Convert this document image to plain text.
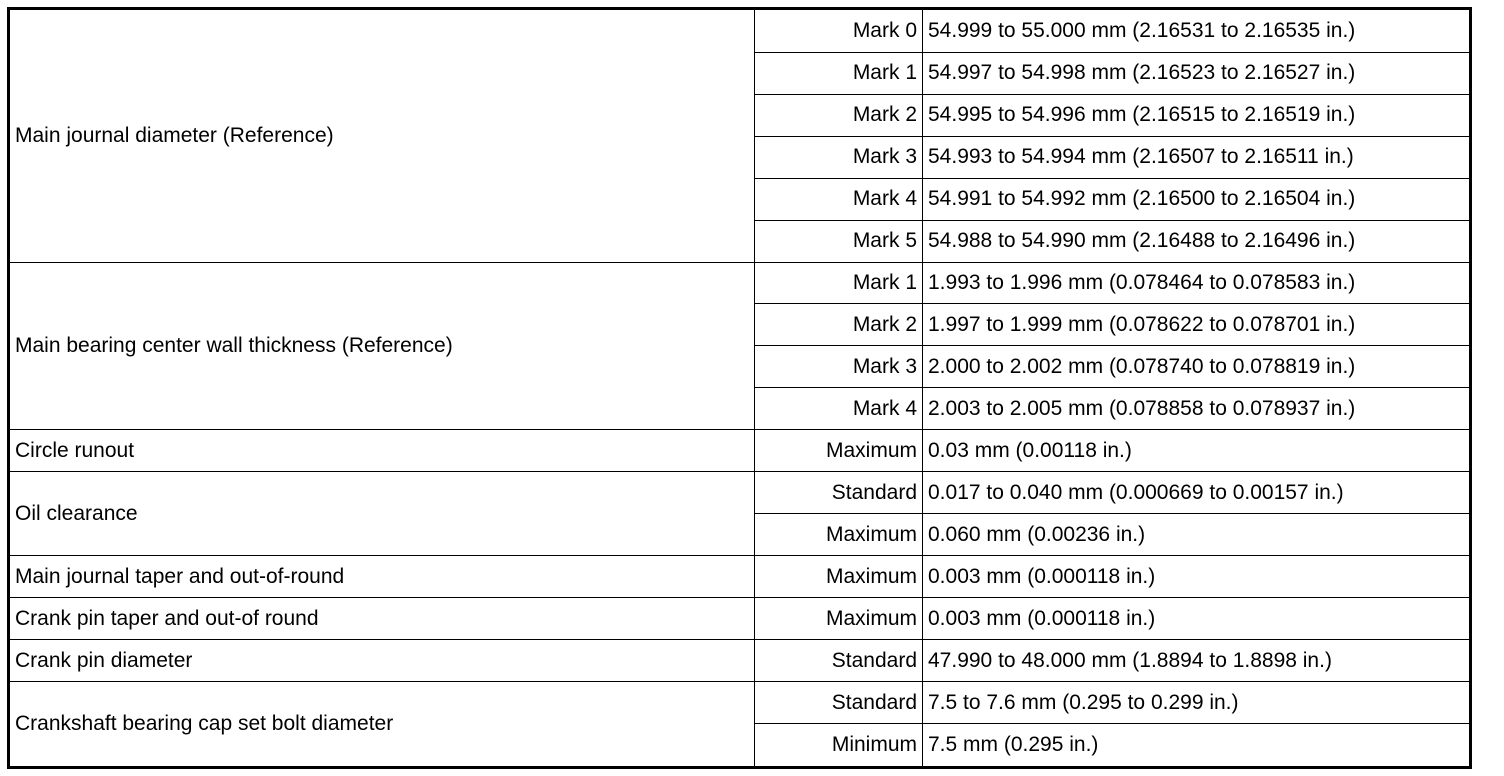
Main journal diameter (Reference)	Mark 0	54.999 to 55.000 mm (2.16531 to 2.16535 in.)
	Mark 1	54.997 to 54.998 mm (2.16523 to 2.16527 in.)
	Mark 2	54.995 to 54.996 mm (2.16515 to 2.16519 in.)
	Mark 3	54.993 to 54.994 mm (2.16507 to 2.16511 in.)
	Mark 4	54.991 to 54.992 mm (2.16500 to 2.16504 in.)
	Mark 5	54.988 to 54.990 mm (2.16488 to 2.16496 in.)
Main bearing center wall thickness (Reference)	Mark 1	1.993 to 1.996 mm (0.078464 to 0.078583 in.)
	Mark 2	1.997 to 1.999 mm (0.078622 to 0.078701 in.)
	Mark 3	2.000 to 2.002 mm (0.078740 to 0.078819 in.)
	Mark 4	2.003 to 2.005 mm (0.078858 to 0.078937 in.)
Circle runout	Maximum	0.03 mm (0.00118 in.)
Oil clearance	Standard	0.017 to 0.040 mm (0.000669 to 0.00157 in.)
	Maximum	0.060 mm (0.00236 in.)
Main journal taper and out-of-round	Maximum	0.003 mm (0.000118 in.)
Crank pin taper and out-of round	Maximum	0.003 mm (0.000118 in.)
Crank pin diameter	Standard	47.990 to 48.000 mm (1.8894 to 1.8898 in.)
Crankshaft bearing cap set bolt diameter	Standard	7.5 to 7.6 mm (0.295 to 0.299 in.)
	Minimum	7.5 mm (0.295 in.)
